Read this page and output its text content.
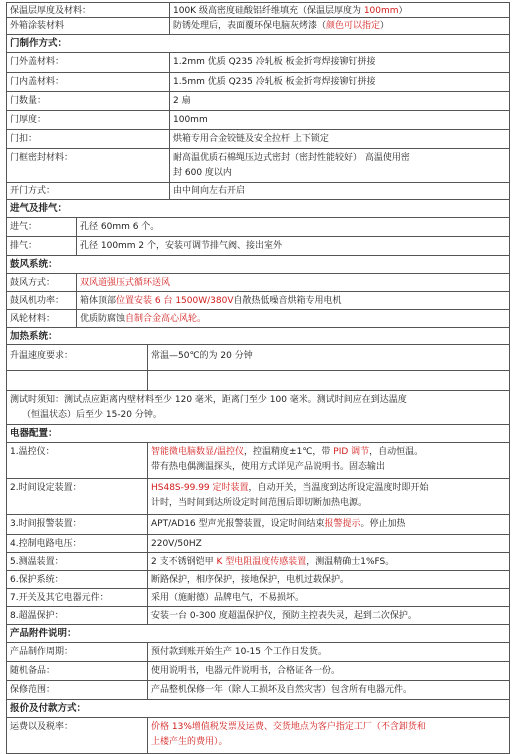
保温层厚度及材料：	100K 级高密度硅酸铝纤维填充（保温层厚度为 100mm）
外箱涂装材料	防锈处理后，表面覆环保电脑灰烤漆（颜色可以指定）
门制作方式：
门外盖材料：	1.2mm 优质 Q235 冷轧板 板金折弯焊接铆钉拼接
门内盖材料：	1.5mm 优质 Q235 冷轧板 板金折弯焊接铆钉拼接
门数量：	2 扇
门厚度：	100mm
门扣：	烘箱专用合金铰链及安全拉杆 上下锁定
门框密封材料：	耐高温优质石棉绳压边式密封（密封性能较好） 高温使用密
封 600 度以内
开门方式：	由中间向左右开启
进气及排气：
进气：	孔径 60mm 6 个。
排气：	孔径 100mm 2 个，安装可调节排气阀、接出室外
鼓风系统：
鼓风方式：	双风道强压式循环送风
鼓风机功率：	箱体顶部位置安装 6 台 1500W/380V自散热低噪音烘箱专用电机
风轮材料：	优质防腐蚀自制合金高心风轮。
加热系统：
升温速度要求：	常温—50℃的为 20 分钟
测试时须知：测试点应距离内壁材料至少 120 毫米，距离门至少 100 毫米。测试时间应在到达温度
（恒温状态）后至少 15-20 分钟。
电器配置：
1.温控仪：	智能微电脑数显/温控仪，控温精度±1℃，带 PID 调节，自动恒温。
带有热电偶测温探头，使用方式详见产品说明书。固态输出
2.时间设定装置：	HS48S-99.99 定时装置，自动开关，当温度到达所设定温度时即开始
计时，当时间到达所设定时间范围后即切断加热电源。
3.时间报警装置：	APT/AD16 型声光报警装置，设定时间结束报警提示。停止加热
4.控制电路电压：	220V/50HZ
5.测温装置：	2 支不锈钢铠甲 K 型电阻温度传感装置，测温精确士1%FS。
6.保护系统：	断路保护，相序保护，接地保护，电机过载保护。
7.开关及其它电器元件：	采用（施耐德）品牌电气，不易损坏。
8.超温保护：	安装一台 0-300 度超温保护仪，预防主控表失灵，起到二次保护。
产品附件说明：
产品制作周期：	预付款到账开始生产 10-15 个工作日发货。
随机备品：	使用说明书，电器元件说明书，合格证各一份。
保修范围：	产品整机保修一年（除人工损坏及自然灾害）包含所有电器元件。
报价及付款方式：
运费以及税率：	价格 13%增值税发票及运费、交货地点为客户指定工厂（不含卸货和
上楼产生的费用）。
